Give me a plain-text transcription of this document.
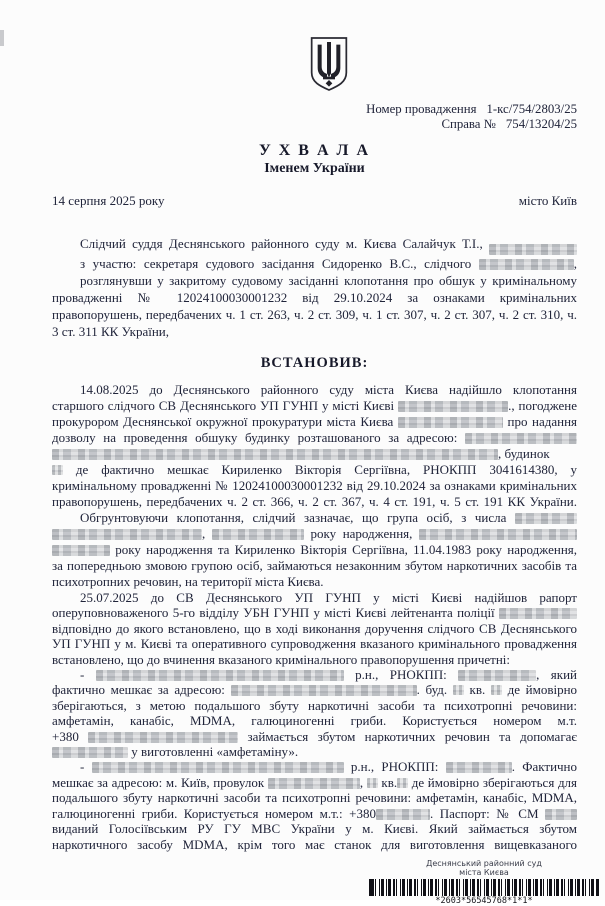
Номер провадження 1-кс/754/2803/25
Справа № 754/13204/25
У Х В А Л А
Іменем України
14 серпня 2025 року	місто Київ
Слідчий суддя Деснянського районного суду м. Києва Салайчук Т.І.,
з участю: секретаря судового засідання Сидоренко В.С., слідчого	,
розглянувши у закритому судовому засіданні клопотання про обшук у кримінальному
провадженні № 12024100030001232 від 29.10.2024 за ознаками кримінальних
правопорушень, передбачених ч. 1 ст. 263, ч. 2 ст. 309, ч. 1 ст. 307, ч. 2 ст. 307, ч. 2 ст. 310, ч.
3 ст. 311 КК України,
ВСТАНОВИВ:
14.08.2025 до Деснянського районного суду міста Києва надійшло клопотання
старшого слідчого СВ Деснянського УП ГУНП у місті Києві	., погоджене
прокурором Деснянської окружної прокуратури міста Києва	про надання
дозволу на проведення обшуку будинку розташованого за адресою:
, будинок
де фактично мешкає Кириленко Вікторія Сергіївна, РНОКПП 3041614380, у
кримінальному провадженні № 12024100030001232 від 29.10.2024 за ознаками кримінальних
правопорушень, передбачених ч. 2 ст. 366, ч. 2 ст. 367, ч. 4 ст. 191, ч. 5 ст. 191 КК України.
Обгрунтовуючи клопотання, слідчий зазначає, що група осіб, з числа
,	року народження,
року народження та Кириленко Вікторія Сергіївна, 11.04.1983 року народження,
за попередньою змовою групою осіб, займаються незаконним збутом наркотичних засобів та
психотропних речовин, на території міста Києва.
25.07.2025 до СВ Деснянського УП ГУНП у місті Києві надійшов рапорт
оперуповноваженого 5-го відділу УБН ГУНП у місті Києві лейтенанта поліції
відповідно до якого встановлено, що в ході виконання доручення слідчого СВ Деснянського
УП ГУНП у м. Києві та оперативного супроводження вказаного кримінального провадження
встановлено, що до вчинення вказаного кримінального правопорушення причетні:
-	р.н., РНОКПП:	, який
фактично мешкає за адресою:	. буд. кв. де ймовірно
зберігаються, з метою подальшого збуту наркотичні засоби та психотропні речовини:
амфетамін, канабіс, MDMA, галюциногенні гриби. Користується номером м.т.
+380	займається збутом наркотичних речовин та допомагає
у виготовленні «амфетаміну».
-	р.н., РНОКПП:	. Фактично
мешкає за адресою: м. Київ, провулок	, кв. де ймовірно зберігаються для
подальшого збуту наркотичні засоби та психотропні речовини: амфетамін, канабіс, MDMA,
галюциногенні гриби. Користується номером м.т.: +380	. Паспорт: № СМ
виданий Голосіївським РУ ГУ МВС України у м. Києві. Який займається збутом
наркотичного засобу MDMA, крім того має станок для виготовлення вищевказаного
Деснянський районний суд
міста Києва
*2603*56545768*1*1*
